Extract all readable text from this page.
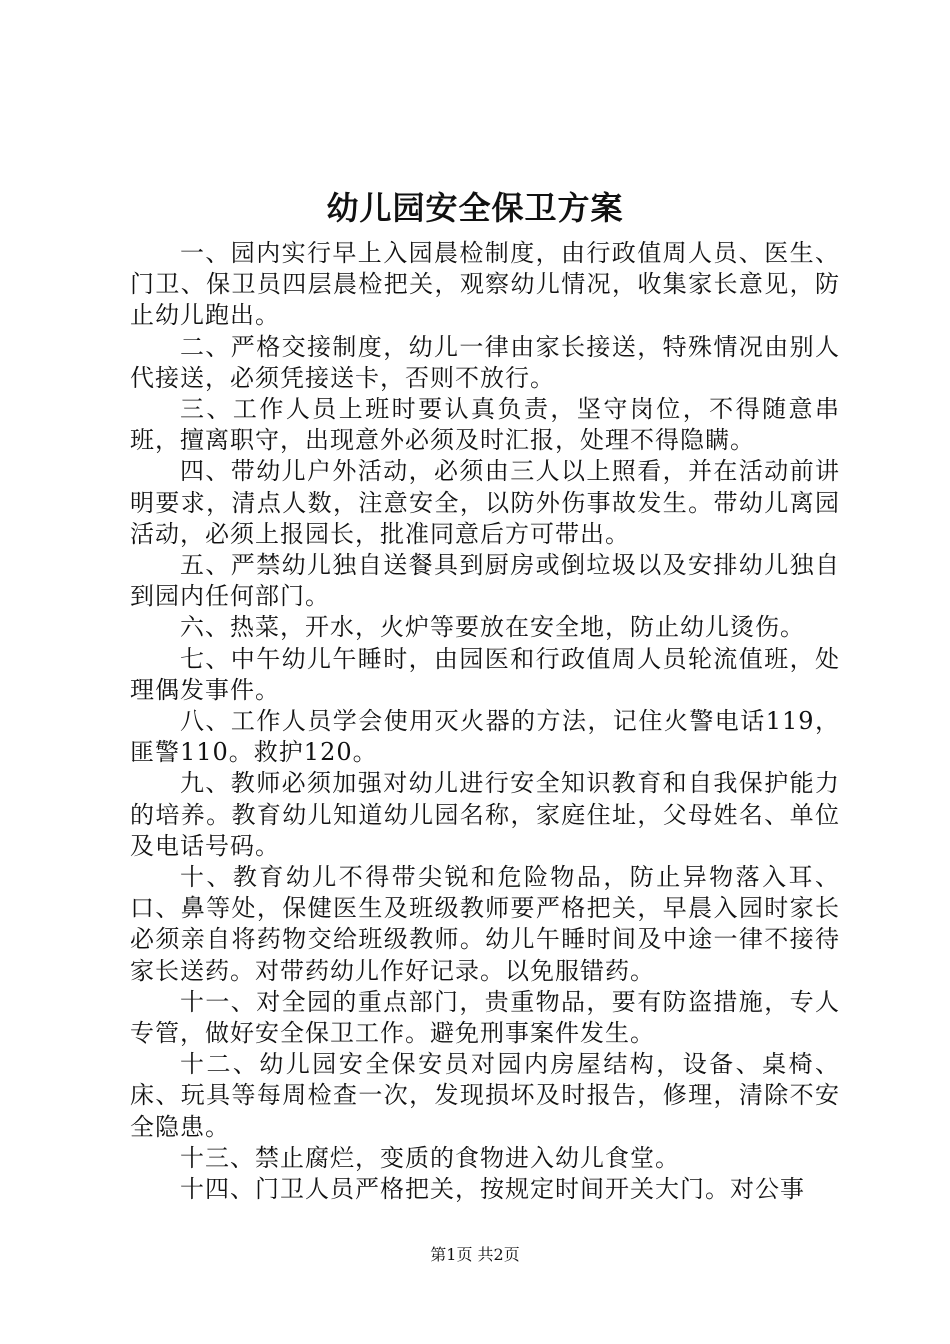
幼儿园安全保卫方案

一、园内实行早上入园晨检制度，由行政值周人员、医生、门卫、保卫员四层晨检把关，观察幼儿情况，收集家长意见，防止幼儿跑出。

二、严格交接制度，幼儿一律由家长接送，特殊情况由别人代接送，必须凭接送卡，否则不放行。

三、工作人员上班时要认真负责，坚守岗位，不得随意串班，擅离职守，出现意外必须及时汇报，处理不得隐瞒。

四、带幼儿户外活动，必须由三人以上照看，并在活动前讲明要求，清点人数，注意安全，以防外伤事故发生。带幼儿离园活动，必须上报园长，批准同意后方可带出。

五、严禁幼儿独自送餐具到厨房或倒垃圾以及安排幼儿独自到园内任何部门。

六、热菜，开水，火炉等要放在安全地，防止幼儿烫伤。

七、中午幼儿午睡时，由园医和行政值周人员轮流值班，处理偶发事件。

八、工作人员学会使用灭火器的方法，记住火警电话119，匪警110。救护120。

九、教师必须加强对幼儿进行安全知识教育和自我保护能力的培养。教育幼儿知道幼儿园名称，家庭住址，父母姓名、单位及电话号码。

十、教育幼儿不得带尖锐和危险物品，防止异物落入耳、口、鼻等处，保健医生及班级教师要严格把关，早晨入园时家长必须亲自将药物交给班级教师。幼儿午睡时间及中途一律不接待家长送药。对带药幼儿作好记录。以免服错药。

十一、对全园的重点部门，贵重物品，要有防盗措施，专人专管，做好安全保卫工作。避免刑事案件发生。

十二、幼儿园安全保安员对园内房屋结构，设备、桌椅、床、玩具等每周检查一次，发现损坏及时报告，修理，清除不安全隐患。

十三、禁止腐烂，变质的食物进入幼儿食堂。

十四、门卫人员严格把关，按规定时间开关大门。对公事

第1页 共2页
